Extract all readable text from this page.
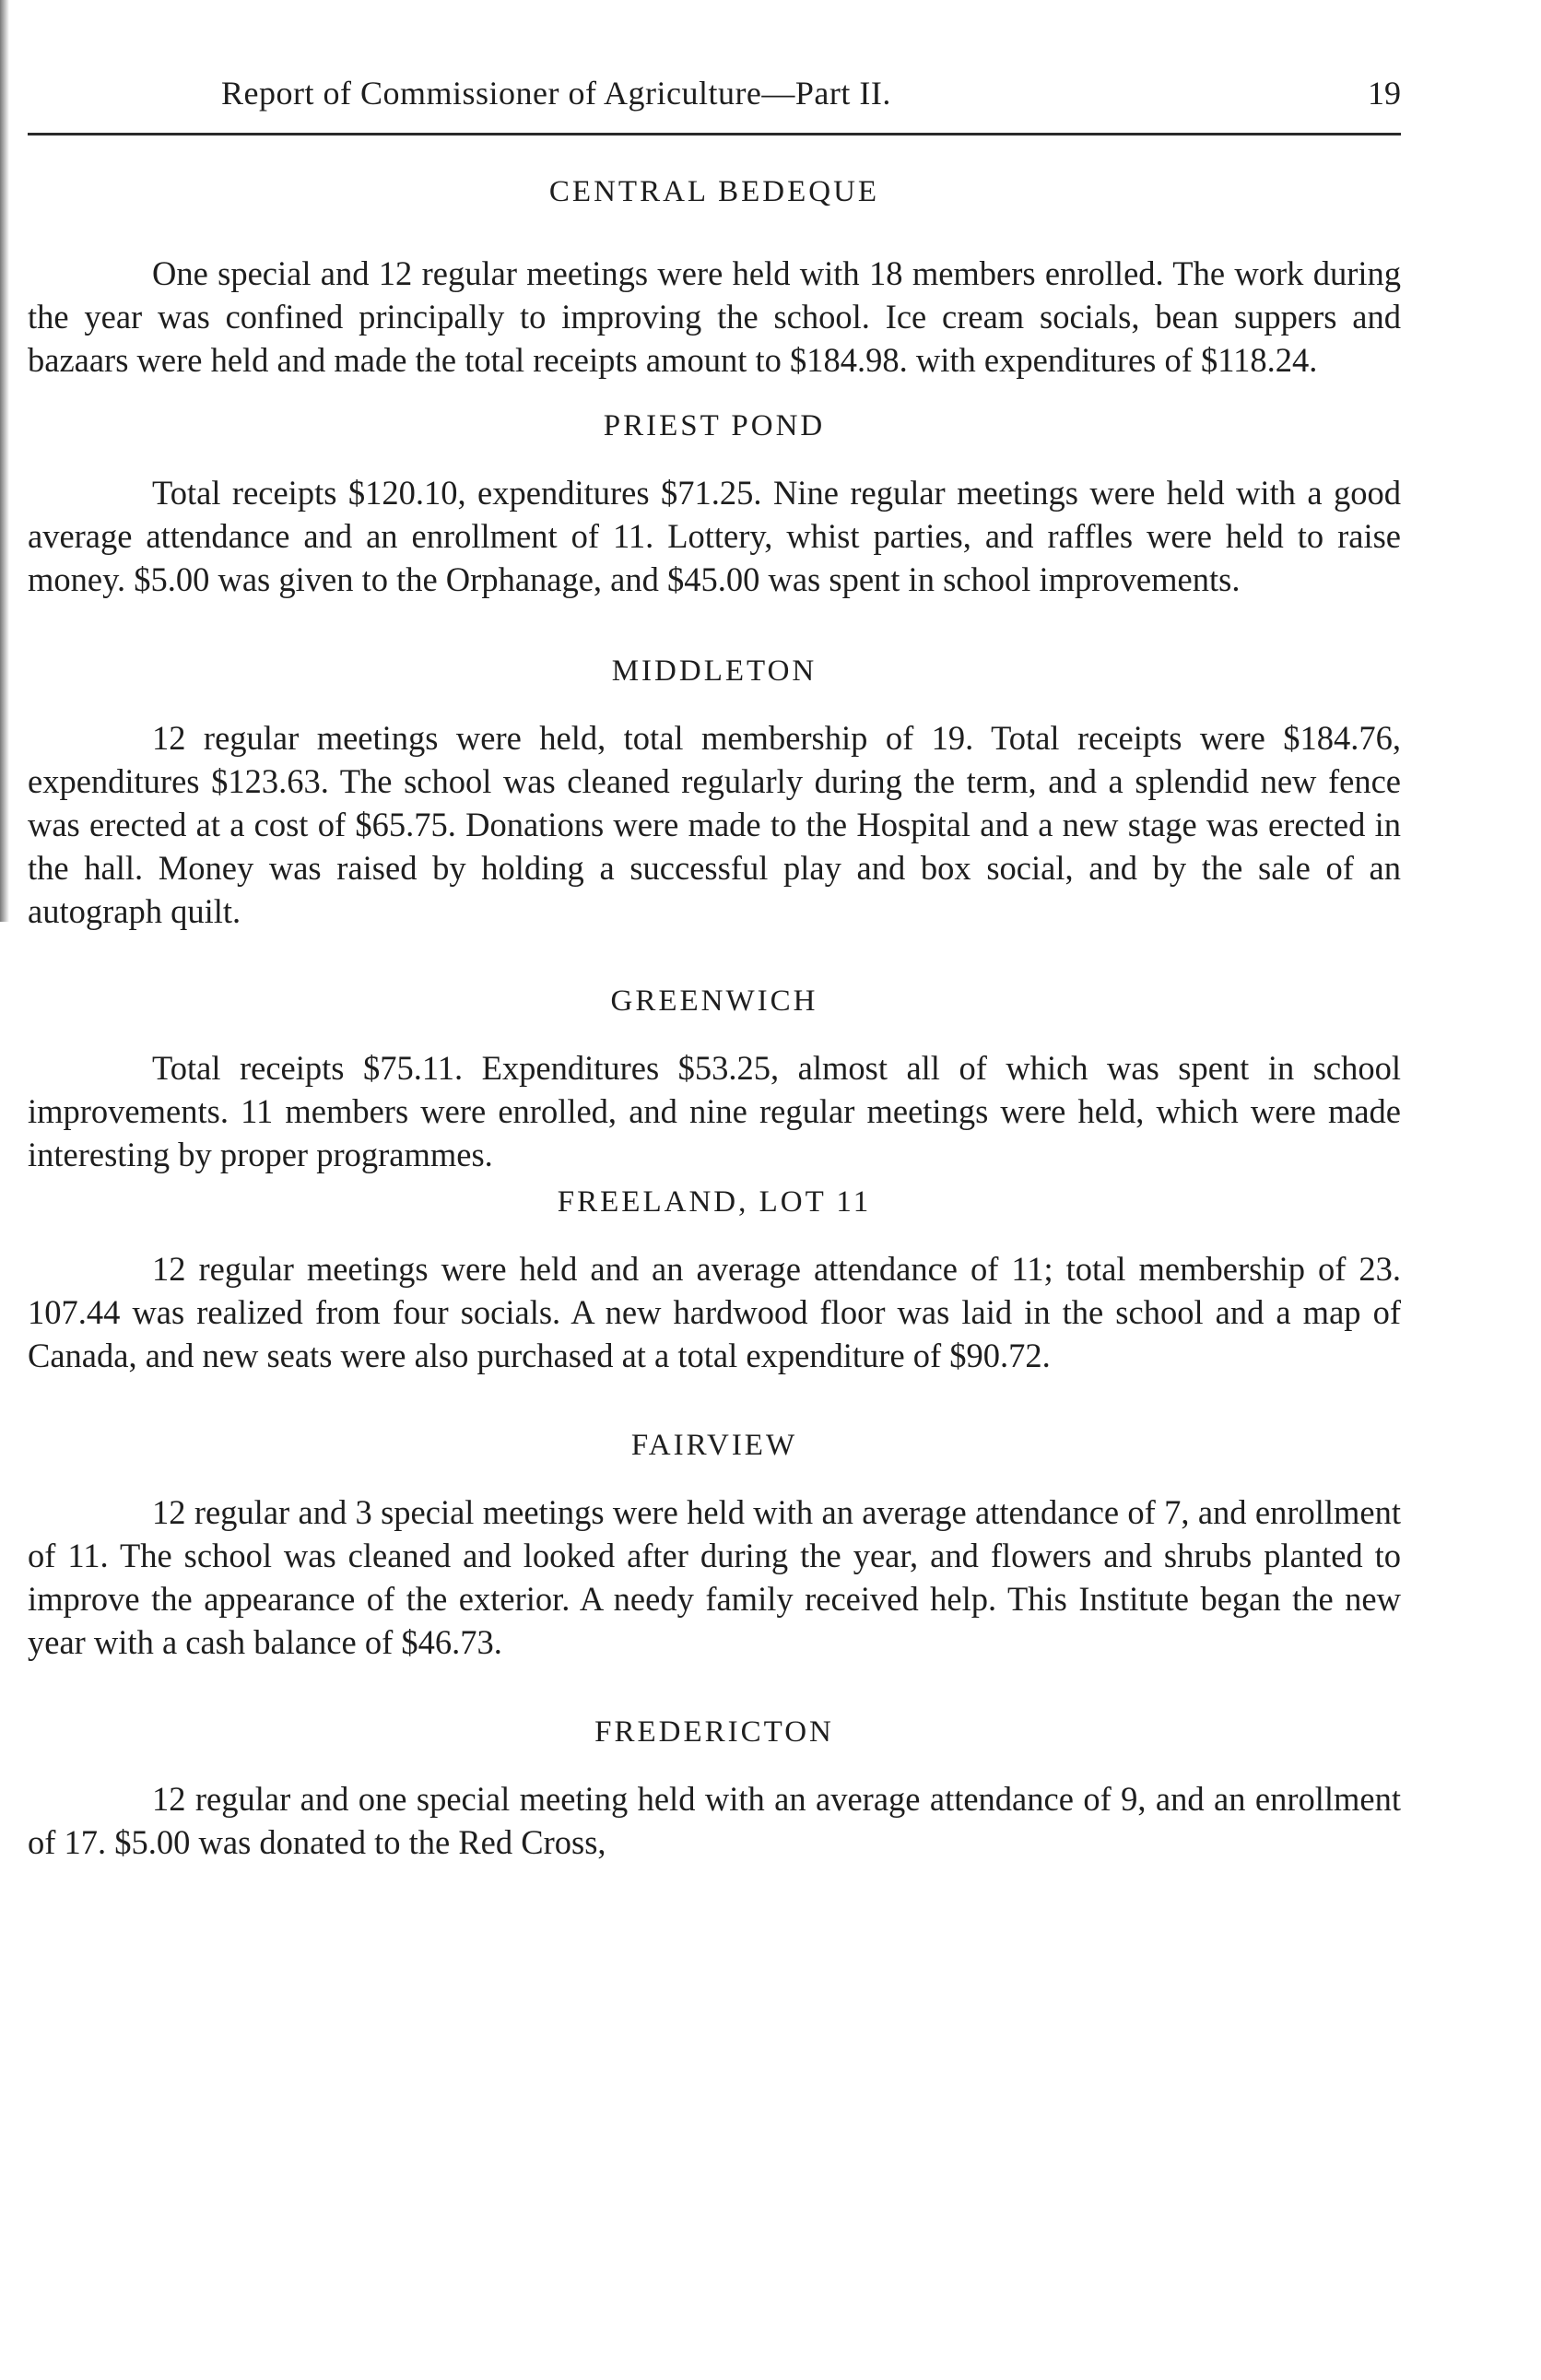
Report of Commissioner of Agriculture—Part II.	19
CENTRAL BEDEQUE

One special and 12 regular meetings were held with 18 members enrolled. The work during the year was confined principally to improving the school. Ice cream socials, bean suppers and bazaars were held and made the total receipts amount to $184.98. with expenditures of $118.24.

PRIEST POND

Total receipts $120.10, expenditures $71.25. Nine regular meetings were held with a good average attendance and an enrollment of 11. Lottery, whist parties, and raffles were held to raise money. $5.00 was given to the Orphanage, and $45.00 was spent in school improvements.

MIDDLETON

12 regular meetings were held, total membership of 19. Total receipts were $184.76, expenditures $123.63. The school was cleaned regularly during the term, and a splendid new fence was erected at a cost of $65.75. Donations were made to the Hospital and a new stage was erected in the hall. Money was raised by holding a successful play and box social, and by the sale of an autograph quilt.

GREENWICH

Total receipts $75.11. Expenditures $53.25, almost all of which was spent in school improvements. 11 members were enrolled, and nine regular meetings were held, which were made interesting by proper programmes.

FREELAND, LOT 11

12 regular meetings were held and an average attendance of 11; total membership of 23. 107.44 was realized from four socials. A new hardwood floor was laid in the school and a map of Canada, and new seats were also purchased at a total expenditure of $90.72.

FAIRVIEW

12 regular and 3 special meetings were held with an average attendance of 7, and enrollment of 11. The school was cleaned and looked after during the year, and flowers and shrubs planted to improve the appearance of the exterior. A needy family received help. This Institute began the new year with a cash balance of $46.73.

FREDERICTON

12 regular and one special meeting held with an average attendance of 9, and an enrollment of 17. $5.00 was donated to the Red Cross,
